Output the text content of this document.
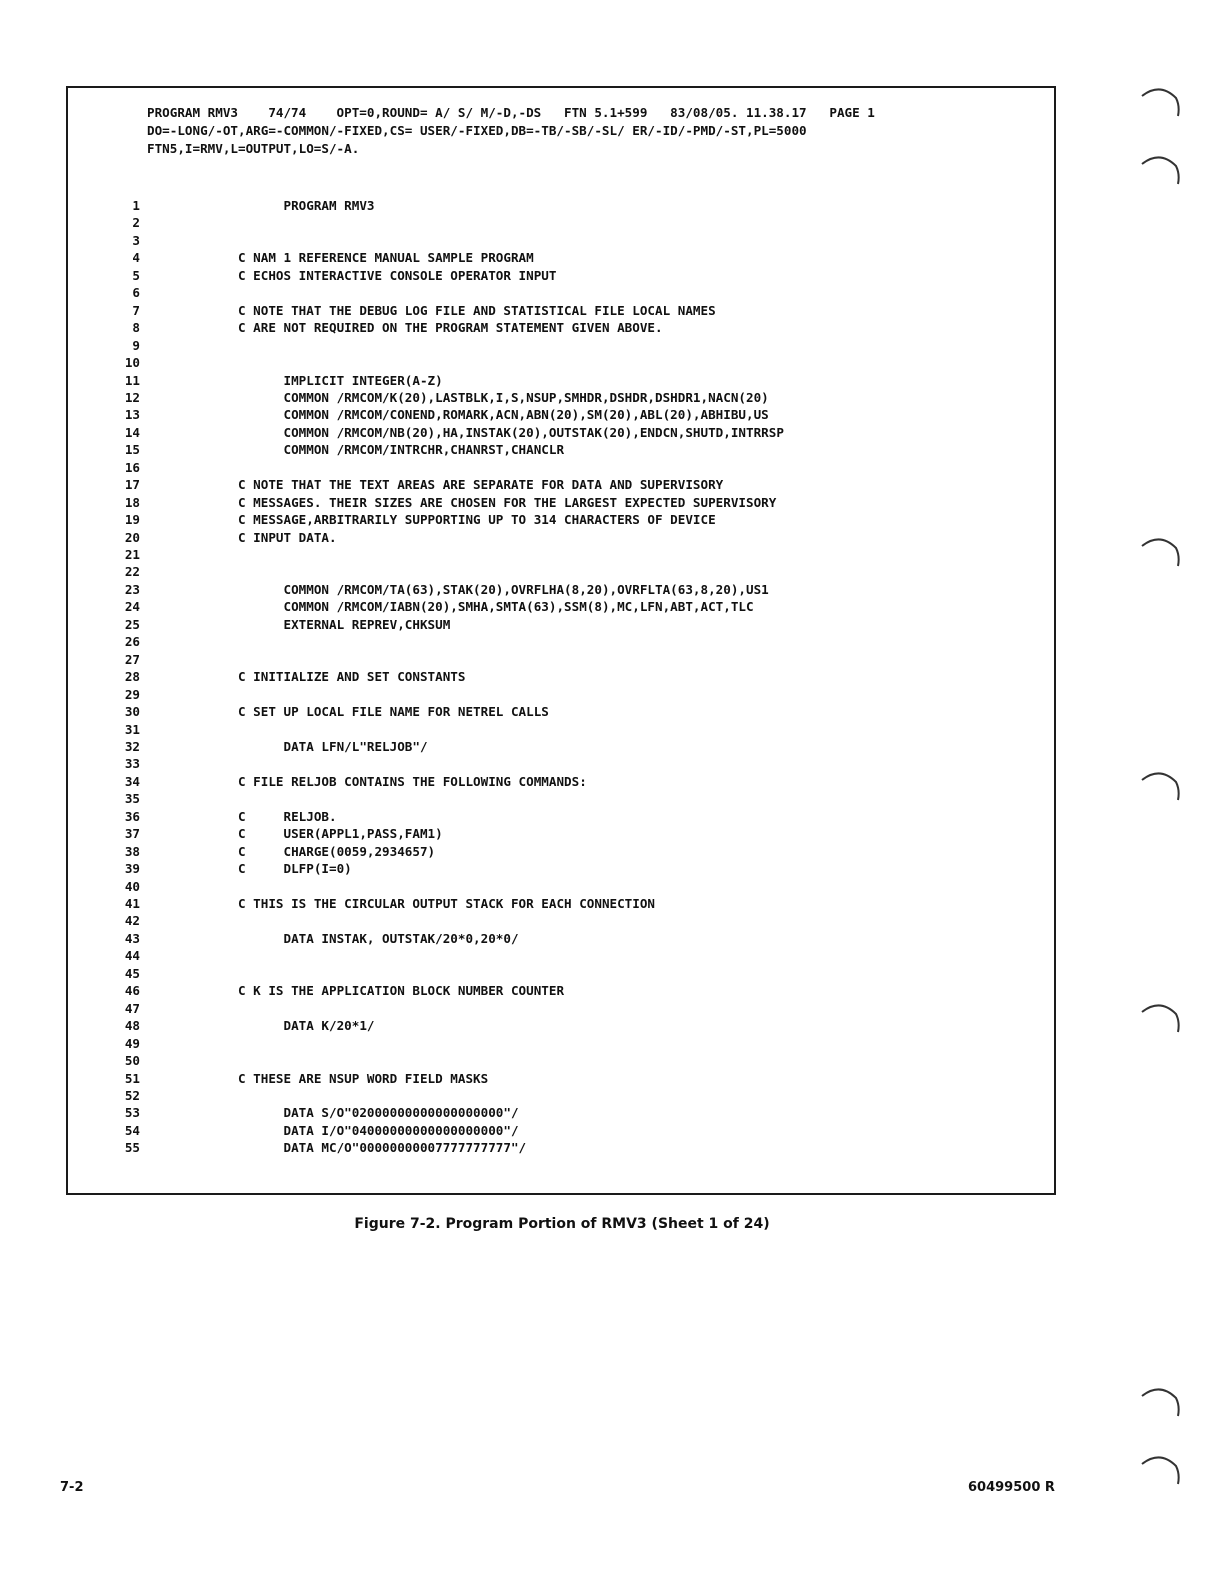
PROGRAM RMV3    74/74    OPT=0,ROUND= A/ S/ M/-D,-DS   FTN 5.1+599   83/08/05. 11.38.17   PAGE 1
DO=-LONG/-OT,ARG=-COMMON/-FIXED,CS= USER/-FIXED,DB=-TB/-SB/-SL/ ER/-ID/-PMD/-ST,PL=5000
FTN5,I=RMV,L=OUTPUT,LO=S/-A.
1	PROGRAM RMV3
2
3
4	C NAM 1 REFERENCE MANUAL SAMPLE PROGRAM
5	C ECHOS INTERACTIVE CONSOLE OPERATOR INPUT
6
7	C NOTE THAT THE DEBUG LOG FILE AND STATISTICAL FILE LOCAL NAMES
8	C ARE NOT REQUIRED ON THE PROGRAM STATEMENT GIVEN ABOVE.
9
10
11	IMPLICIT INTEGER(A-Z)
12	COMMON /RMCOM/K(20),LASTBLK,I,S,NSUP,SMHDR,DSHDR,DSHDR1,NACN(20)
13	COMMON /RMCOM/CONEND,ROMARK,ACN,ABN(20),SM(20),ABL(20),ABHIBU,US
14	COMMON /RMCOM/NB(20),HA,INSTAK(20),OUTSTAK(20),ENDCN,SHUTD,INTRRSP
15	COMMON /RMCOM/INTRCHR,CHANRST,CHANCLR
16
17	C NOTE THAT THE TEXT AREAS ARE SEPARATE FOR DATA AND SUPERVISORY
18	C MESSAGES. THEIR SIZES ARE CHOSEN FOR THE LARGEST EXPECTED SUPERVISORY
19	C MESSAGE,ARBITRARILY SUPPORTING UP TO 314 CHARACTERS OF DEVICE
20	C INPUT DATA.
21
22
23	COMMON /RMCOM/TA(63),STAK(20),OVRFLHA(8,20),OVRFLTA(63,8,20),US1
24	COMMON /RMCOM/IABN(20),SMHA,SMTA(63),SSM(8),MC,LFN,ABT,ACT,TLC
25	EXTERNAL REPREV,CHKSUM
26
27
28	C INITIALIZE AND SET CONSTANTS
29
30	C SET UP LOCAL FILE NAME FOR NETREL CALLS
31
32	DATA LFN/L"RELJOB"/
33
34	C FILE RELJOB CONTAINS THE FOLLOWING COMMANDS:
35
36	C     RELJOB.
37	C     USER(APPL1,PASS,FAM1)
38	C     CHARGE(0059,2934657)
39	C     DLFP(I=0)
40
41	C THIS IS THE CIRCULAR OUTPUT STACK FOR EACH CONNECTION
42
43	DATA INSTAK, OUTSTAK/20*0,20*0/
44
45
46	C K IS THE APPLICATION BLOCK NUMBER COUNTER
47
48	DATA K/20*1/
49
50
51	C THESE ARE NSUP WORD FIELD MASKS
52
53	DATA S/O"02000000000000000000"/
54	DATA I/O"04000000000000000000"/
55	DATA MC/O"00000000007777777777"/
Figure 7-2. Program Portion of RMV3 (Sheet 1 of 24)
7-2	60499500 R
